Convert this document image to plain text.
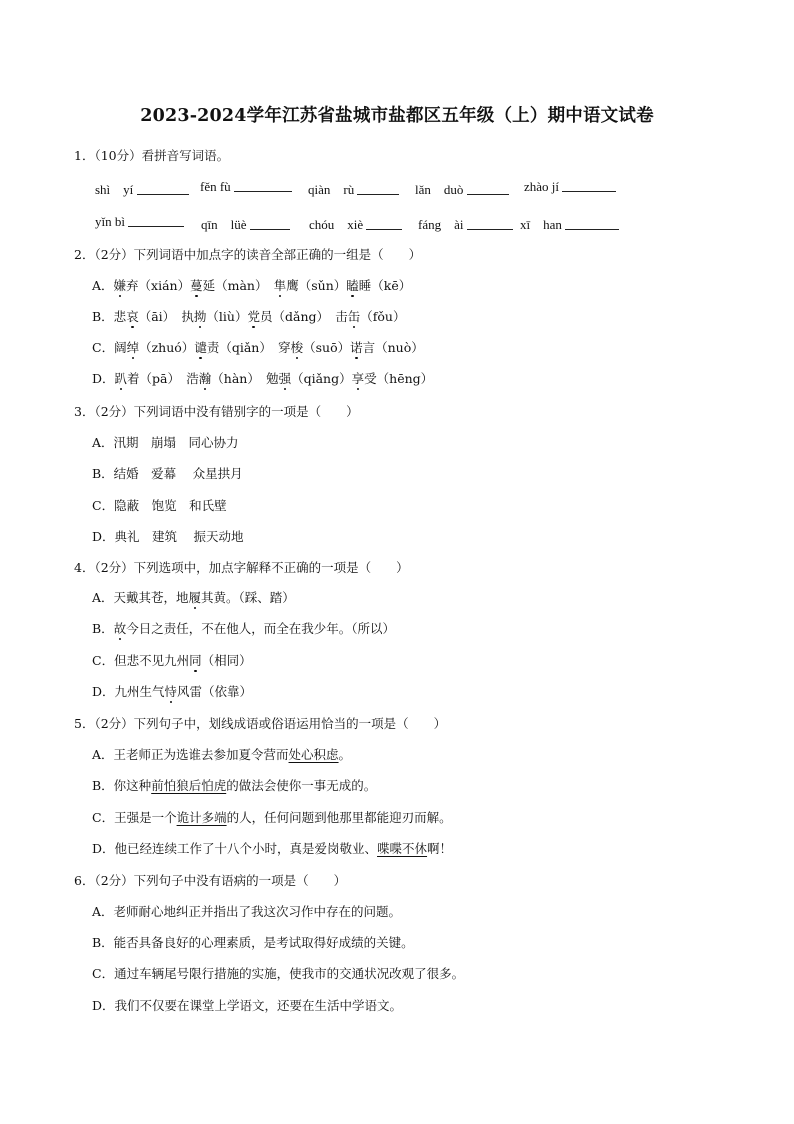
2023-2024学年江苏省盐城市盐都区五年级（上）期中语文试卷
1．（10分）看拼音写词语。
shì　yí	fěn fù	qiàn　rù	lǎn　duò	zhào jí
yǐn bì	qīn　lüè	chóu　xiè	fáng　ài	xī　han
2．（2分）下列词语中加点字的读音全部正确的一组是（　　）
A．嫌弃（xián）蔓延（màn）　隼鹰（sǔn）瞌睡（kē）
B．悲哀（āi）　执拗（liù）党员（dǎng）　击缶（fǒu）
C．阔绰（zhuó）谴责（qiǎn）　穿梭（suō）诺言（nuò）
D．趴着（pā）　浩瀚（hàn）　勉强（qiǎng）享受（hēng）
3．（2分）下列词语中没有错别字的一项是（　　）
A．汛期　崩塌　同心协力
B．结婚　爱幕　 众星拱月
C．隐蔽　饱览　和氏壁
D．典礼　建筑　 振天动地
4．（2分）下列选项中，加点字解释不正确的一项是（　　）
A．天戴其苍，地履其黄。（踩、踏）
B．故今日之责任，不在他人，而全在我少年。（所以）
C．但悲不见九州同（相同）
D．九州生气恃风雷（依靠）
5．（2分）下列句子中，划线成语或俗语运用恰当的一项是（　　）
A．王老师正为选谁去参加夏令营而处心积虑。
B．你这种前怕狼后怕虎的做法会使你一事无成的。
C．王强是一个诡计多端的人，任何问题到他那里都能迎刃而解。
D．他已经连续工作了十八个小时，真是爱岗敬业、喋喋不休啊！
6．（2分）下列句子中没有语病的一项是（　　）
A．老师耐心地纠正并指出了我这次习作中存在的问题。
B．能否具备良好的心理素质，是考试取得好成绩的关键。
C．通过车辆尾号限行措施的实施，使我市的交通状况改观了很多。
D．我们不仅要在课堂上学语文，还要在生活中学语文。
